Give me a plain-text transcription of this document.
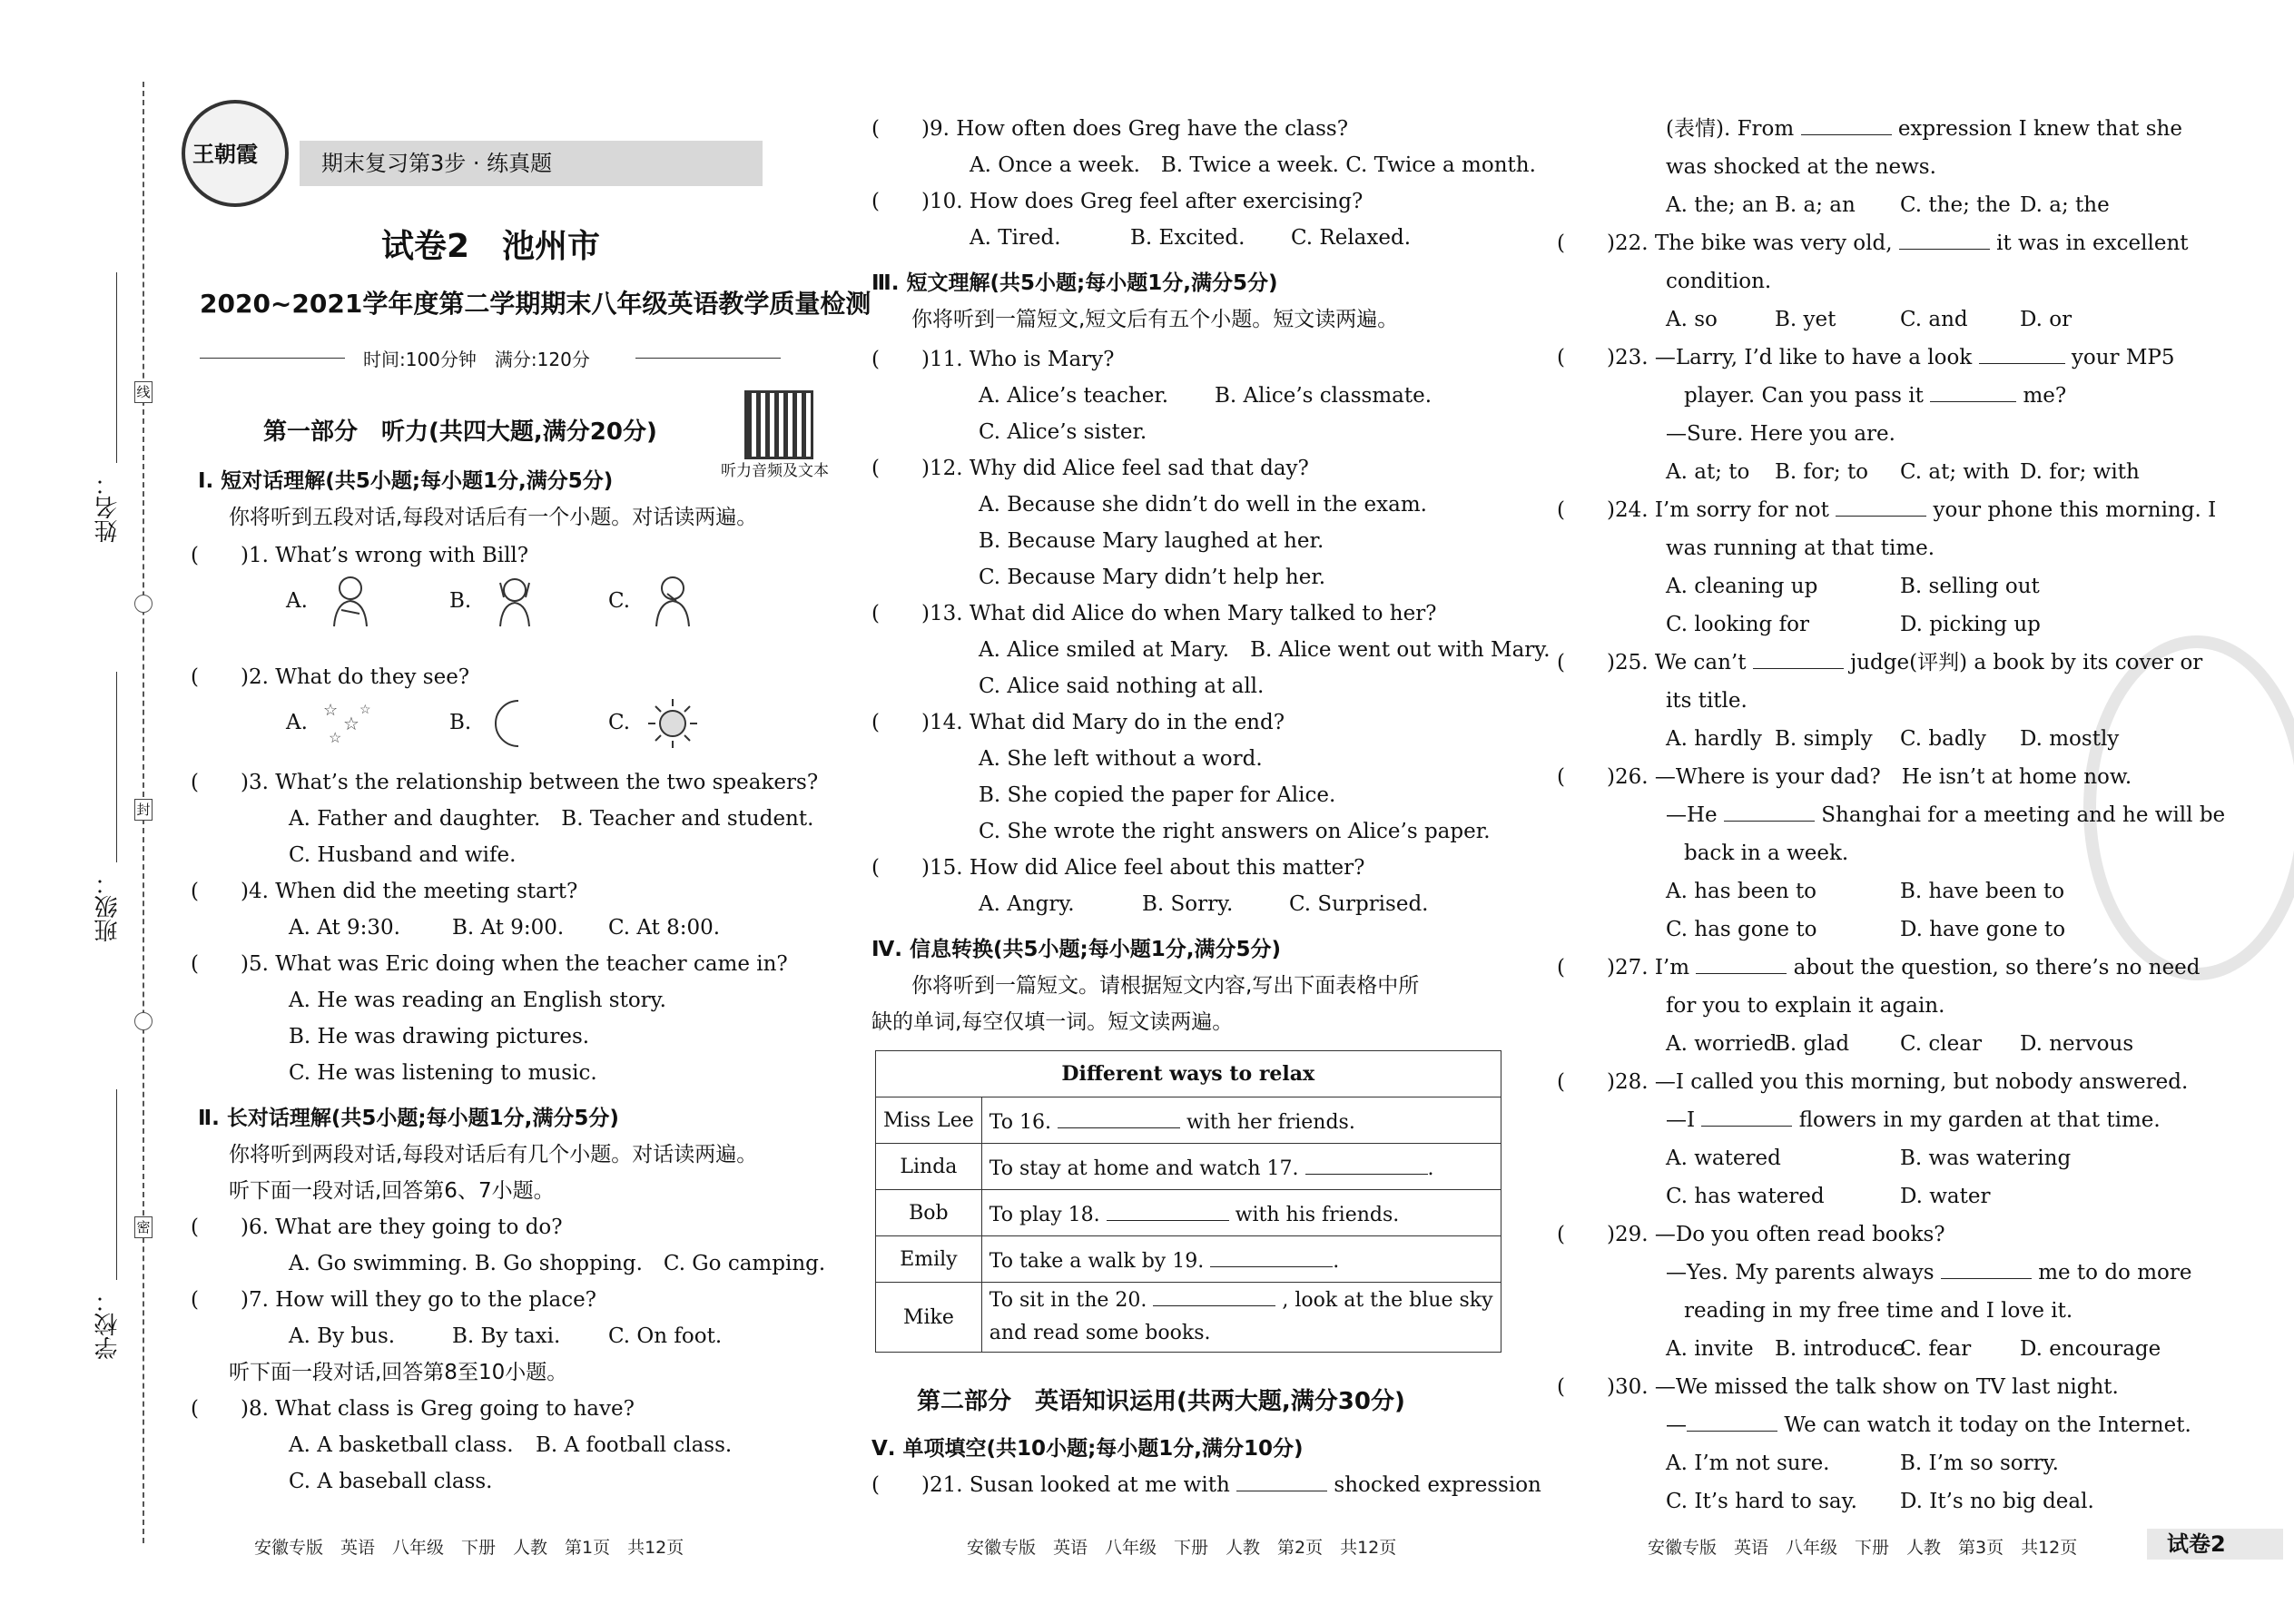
线
封
密
姓名：
班级：
学校：
王朝霞	期末复习第3步 · 练真题
试卷2　池州市
2020~2021学年度第二学期期末八年级英语教学质量检测
时间:100分钟　满分:120分
听力音频及文本
第一部分　听力(共四大题,满分20分)
Ⅰ. 短对话理解(共5小题;每小题1分,满分5分)
你将听到五段对话,每段对话后有一个小题。对话读两遍。
(　　)1. What’s wrong with Bill?
A.	B.	C.
(　　)2. What do they see?
A.
☆
☆
☆
☆
B.	C.
(　　)3. What’s the relationship between the two speakers?
A. Father and daughter.　B. Teacher and student.
C. Husband and wife.
(　　)4. When did the meeting start?
A. At 9:30. B. At 9:00. C. At 8:00.
(　　)5. What was Eric doing when the teacher came in?
A. He was reading an English story.
B. He was drawing pictures.
C. He was listening to music.
Ⅱ. 长对话理解(共5小题;每小题1分,满分5分)
你将听到两段对话,每段对话后有几个小题。对话读两遍。
听下面一段对话,回答第6、7小题。
(　　)6. What are they going to do?
A. Go swimming. B. Go shopping.　C. Go camping.
(　　)7. How will they go to the place?
A. By bus.	B. By taxi. C. On foot.
听下面一段对话,回答第8至10小题。
(　　)8. What class is Greg going to have?
A. A basketball class. B. A football class.
C. A baseball class.
安徽专版　英语　八年级　下册　人教　第1页　共12页
(　　)9. How often does Greg have the class?
A. Once a week.　B. Twice a week. C. Twice a month.
(　　)10. How does Greg feel after exercising?
A. Tired.	B. Excited. C. Relaxed.
Ⅲ. 短文理解(共5小题;每小题1分,满分5分)
你将听到一篇短文,短文后有五个小题。短文读两遍。
(　　)11. Who is Mary?
A. Alice’s teacher. B. Alice’s classmate.
C. Alice’s sister.
(　　)12. Why did Alice feel sad that day?
A. Because she didn’t do well in the exam.
B. Because Mary laughed at her.
C. Because Mary didn’t help her.
(　　)13. What did Alice do when Mary talked to her?
A. Alice smiled at Mary.　B. Alice went out with Mary.
C. Alice said nothing at all.
(　　)14. What did Mary do in the end?
A. She left without a word.
B. She copied the paper for Alice.
C. She wrote the right answers on Alice’s paper.
(　　)15. How did Alice feel about this matter?
A. Angry.	B. Sorry.	C. Surprised.
Ⅳ. 信息转换(共5小题;每小题1分,满分5分)
你将听到一篇短文。请根据短文内容,写出下面表格中所
缺的单词,每空仅填一词。短文读两遍。
Different ways to relax	
Miss Lee	To 16. with her friends.
Linda	To stay at home and watch 17. .
Bob	To play 18. with his friends.
Emily	To take a walk by 19. .
Mike	To sit in the 20. , look at the blue sky
and read some books.
第二部分　英语知识运用(共两大题,满分30分)
Ⅴ. 单项填空(共10小题;每小题1分,满分10分)
(　　)21. Susan looked at me with	shocked expression
安徽专版　英语　八年级　下册　人教　第2页　共12页
(表情). From	expression I knew that she
was shocked at the news.
A. the; an B. a; an C. the; the D. a; the
(　　)22. The bike was very old,	it was in excellent
condition.
A. so	B. yet	C. and D. or
(　　)23. —Larry, I’d like to have a look	your MP5
player. Can you pass it	me?
—Sure. Here you are.
A. at; to B. for; to C. at; with D. for; with
(　　)24. I’m sorry for not	your phone this morning. I
was running at that time.
A. cleaning up	B. selling out
C. looking for	D. picking up
(　　)25. We can’t	judge(评判) a book by its cover or
its title.
A. hardly B. simply C. badly D. mostly
(　　)26. —Where is your dad?　He isn’t at home now.
—He	Shanghai for a meeting and he will be
back in a week.
A. has been to	B. have been to
C. has gone to	D. have gone to
(　　)27. I’m	about the question, so there’s no need
for you to explain it again.
A. worried
B. glad C. clear D. nervous
(　　)28. —I called you this morning, but nobody answered.
—I	flowers in my garden at that time.
A. watered	B. was watering
C. has watered	D. water
(　　)29. —Do you often read books?
—Yes. My parents always	me to do more
reading in my free time and I love it.
A. invite B. introduce
C. fear D. encourage
(　　)30. —We missed the talk show on TV last night.
—	We can watch it today on the Internet.
A. I’m not sure.	B. I’m so sorry.
C. It’s hard to say. D. It’s no big deal.
安徽专版　英语　八年级　下册　人教　第3页　共12页	试卷2
